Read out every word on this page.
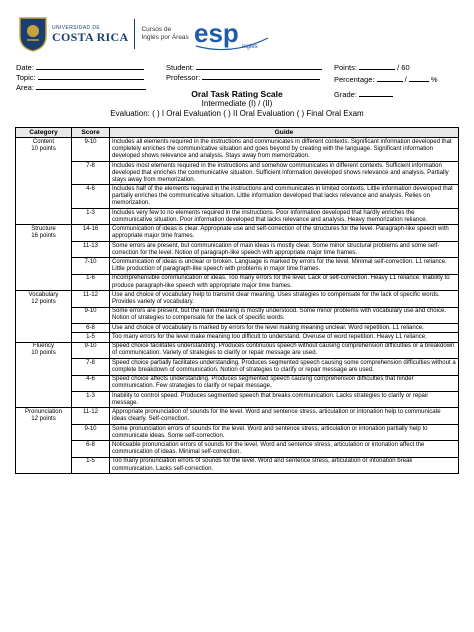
UNIVERSIDAD DE
COSTA RICA Cursos de
Inglés por Áreas esp inglés
Date:
Topic:
Area:
Student:
Professor:
Points:	/ 60
Percentage:	/	%
Oral Task Rating Scale	Grade:
Intermediate (I) / (II)
Evaluation: ( ) I Oral Evaluation ( ) II Oral Evaluation ( ) Final Oral Exam
Category	Score	Guide

Content
10 points	9-10	Includes all elements required in the instructions and communicates in different contexts. Significant information developed that completely enriches the communicative situation and goes beyond by creating with the language. Significant information developed shows relevance and analysis. Stays away from memorization.
	7-8	Includes most elements required in the instructions and somehow communicates in different contexts. Sufficient information developed that enriches the communicative situation. Sufficient information developed shows relevance and analysis. Partially stays away from memorization.
	4-6	Includes half of the elements required in the instructions and communicates in limited contexts. Little information developed that partially enriches the communicative situation. Little information developed that lacks relevance and analysis. Relies on memorization.
	1-3	Includes very few to no elements required in the instructions. Poor information developed that hardly enriches the communicative situation. Poor information developed that lacks relevance and analysis. Heavy memorization reliance.

Structure
16 points	14-16	Communication of ideas is clear. Appropriate use and self-correction of the structures for the level. Paragraph-like speech with appropriate major time frames.
	11-13	Some errors are present, but communication of main ideas is mostly clear. Some minor structural problems and some self-correction for the level. Notion of paragraph-like speech with appropriate major time frames.
	7-10	Communication of ideas is unclear or broken. Language is marked by errors for the level. Minimal self-correction. L1 reliance. Little production of paragraph-like speech with problems in major time frames.
	1-6	Incomprehensible communication of ideas. Too many errors for the level. Lack of self-correction. Heavy L1 reliance. Inability to produce paragraph-like speech with appropriate major time frames.

Vocabulary
12 points	11-12	Use and choice of vocabulary help to transmit clear meaning. Uses strategies to compensate for the lack of specific words. Provides variety of vocabulary.
	9-10	Some errors are present, but the main meaning is mostly understood. Some minor problems with vocabulary use and choice. Notion of strategies to compensate for the lack of specific words.
	6-8	Use and choice of vocabulary is marked by errors for the level making meaning unclear. Word repetition. L1 reliance.
	1-5	Too many errors for the level make meaning too difficult to understand. Overuse of word repetition. Heavy L1 reliance.

Fluency
10 points	9-10	Speed choice facilitates understanding. Produces continuous speech without causing comprehension difficulties or a breakdown of communication. Variety of strategies to clarify or repair message are used.
	7-8	Speed choice partially facilitates understanding. Produces segmented speech causing some comprehension difficulties without a complete breakdown of communication. Notion of strategies to clarify or repair message are used.
	4-6	Speed choice affects understanding. Produces segmented speech causing comprehension difficulties that hinder communication. Few strategies to clarify or repair message.
	1-3	Inability to control speed. Produces segmented speech that breaks communication. Lacks strategies to clarify or repair message.

Pronunciation
12 points	11-12	Appropriate pronunciation of sounds for the level. Word and sentence stress, articulation or intonation help to communicate ideas clearly. Self-correction.
	9-10	Some pronunciation errors of sounds for the level. Word and sentence stress, articulation or intonation partially help to communicate ideas. Some self-correction.
	6-8	Noticeable pronunciation errors of sounds for the level. Word and sentence stress, articulation or intonation affect the communication of ideas. Minimal self-correction.
	1-5	Too many pronunciation errors of sounds for the level. Word and sentence stress, articulation or intonation break communication. Lacks self-correction.
